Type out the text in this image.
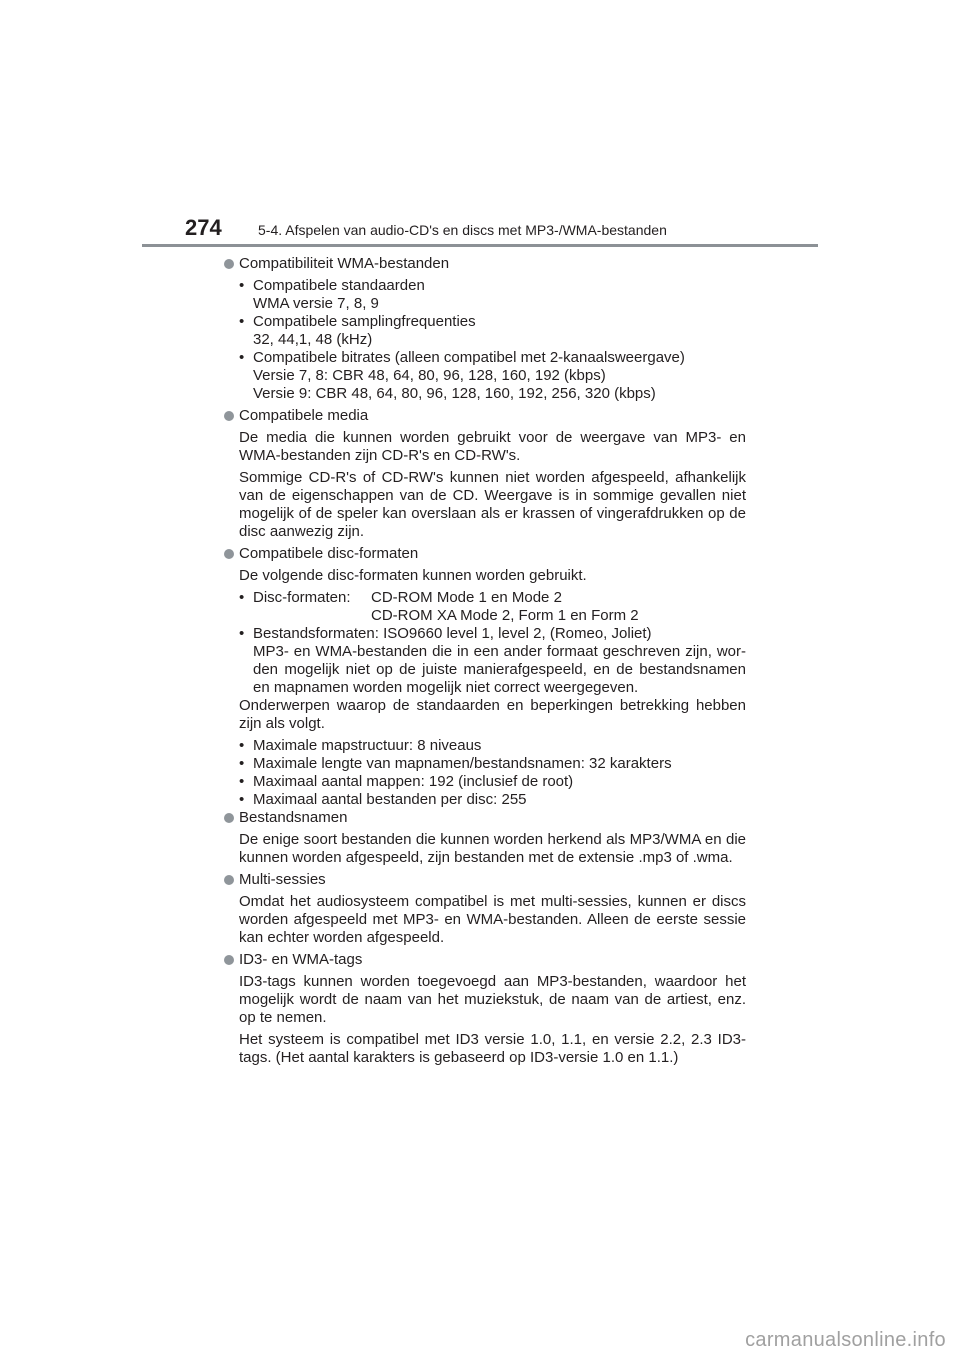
274	5-4. Afspelen van audio-CD's en discs met MP3-/WMA-bestanden
Compatibiliteit WMA-bestanden
• Compatibele standaarden
WMA versie 7, 8, 9
• Compatibele samplingfrequenties
32, 44,1, 48 (kHz)
• Compatibele bitrates (alleen compatibel met 2-kanaalsweergave)
Versie 7, 8: CBR 48, 64, 80, 96, 128, 160, 192 (kbps)
Versie 9: CBR 48, 64, 80, 96, 128, 160, 192, 256, 320 (kbps)
Compatibele media

De media die kunnen worden gebruikt voor de weergave van MP3- en WMA-bestanden zijn CD-R's en CD-RW's.

Sommige CD-R's of CD-RW's kunnen niet worden afgespeeld, afhankelijk van de eigenschappen van de CD. Weergave is in sommige gevallen niet mogelijk of de speler kan overslaan als er krassen of vingerafdrukken op de disc aanwezig zijn.

Compatibele disc-formaten

De volgende disc-formaten kunnen worden gebruikt.

• Disc-formaten:	CD-ROM Mode 1 en Mode 2
CD-ROM XA Mode 2, Form 1 en Form 2
• Bestandsformaten: ISO9660 level 1, level 2, (Romeo, Joliet)
MP3- en WMA-bestanden die in een ander formaat geschreven zijn, wor-den mogelijk niet op de juiste manierafgespeeld, en de bestandsnamen en mapnamen worden mogelijk niet correct weergegeven.

Onderwerpen waarop de standaarden en beperkingen betrekking hebben zijn als volgt.

• Maximale mapstructuur: 8 niveaus
• Maximale lengte van mapnamen/bestandsnamen: 32 karakters
• Maximaal aantal mappen: 192 (inclusief de root)
• Maximaal aantal bestanden per disc: 255
Bestandsnamen

De enige soort bestanden die kunnen worden herkend als MP3/WMA en die kunnen worden afgespeeld, zijn bestanden met de extensie .mp3 of .wma.

Multi-sessies

Omdat het audiosysteem compatibel is met multi-sessies, kunnen er discs worden afgespeeld met MP3- en WMA-bestanden. Alleen de eerste sessie kan echter worden afgespeeld.

ID3- en WMA-tags

ID3-tags kunnen worden toegevoegd aan MP3-bestanden, waardoor het mogelijk wordt de naam van het muziekstuk, de naam van de artiest, enz. op te nemen.

Het systeem is compatibel met ID3 versie 1.0, 1.1, en versie 2.2, 2.3 ID3-tags. (Het aantal karakters is gebaseerd op ID3-versie 1.0 en 1.1.)

carmanualsonline.info
